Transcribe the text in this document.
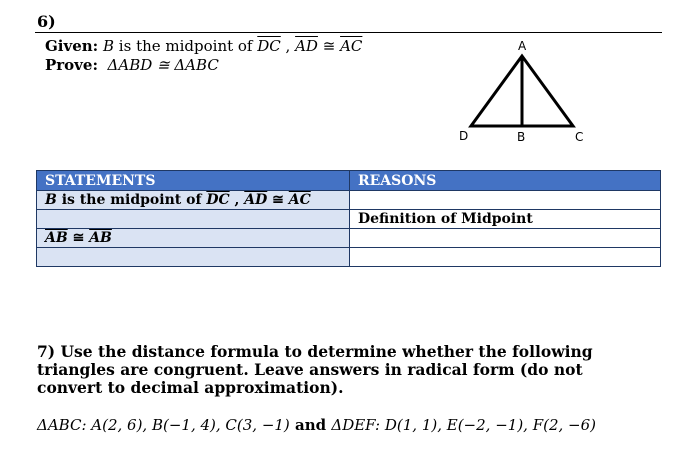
6)
Given: B is the midpoint of $\overline{DC}$ , $\overline{AD}$ ≅ $\overline{AC}$
Prove: ΔABD ≅ ΔABC
A
B	C
D
STATEMENTS	REASONS
B is the midpoint of $\overline{DC}$ , $\overline{AD}$ ≅ $\overline{AC}$	
	Definition of Midpoint
$\overline{AB}$ ≅ $\overline{AB}$	

7) Use the distance formula to determine whether the following triangles are congruent. Leave answers in radical form (do not convert to decimal approximation).
ΔABC: A(2, 6), B(−1, 4), C(3, −1) and ΔDEF: D(1, 1), E(−2, −1), F(2, −6)
